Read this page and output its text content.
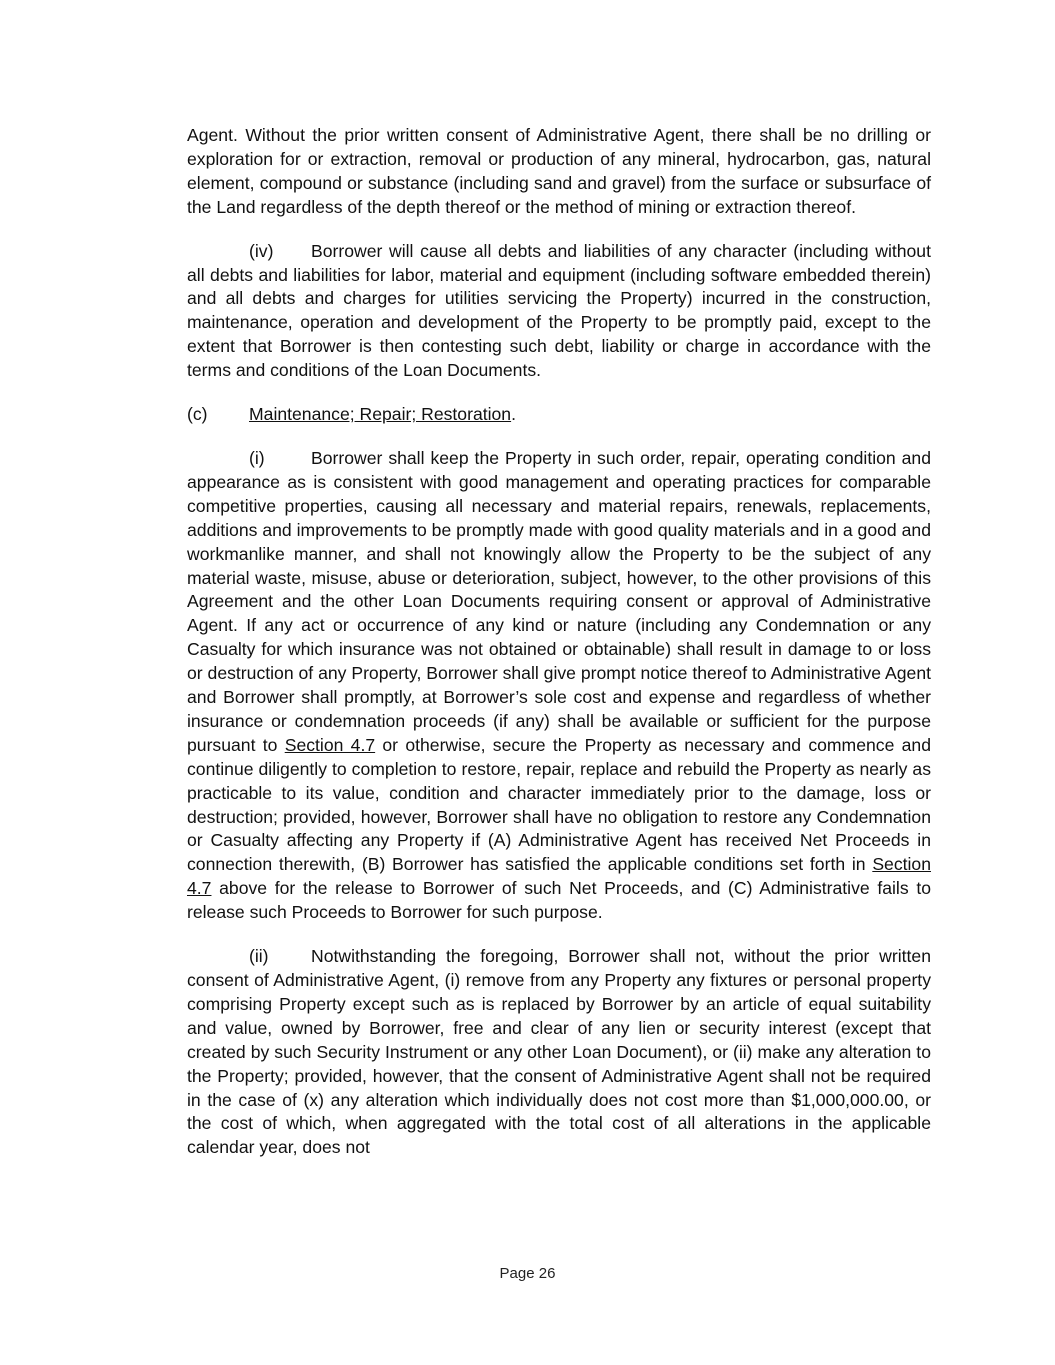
Agent. Without the prior written consent of Administrative Agent, there shall be no drilling or exploration for or extraction, removal or production of any mineral, hydrocarbon, gas, natural element, compound or substance (including sand and gravel) from the surface or subsurface of the Land regardless of the depth thereof or the method of mining or extraction thereof.

(iv) Borrower will cause all debts and liabilities of any character (including without all debts and liabilities for labor, material and equipment (including software embedded therein) and all debts and charges for utilities servicing the Property) incurred in the construction, maintenance, operation and development of the Property to be promptly paid, except to the extent that Borrower is then contesting such debt, liability or charge in accordance with the terms and conditions of the Loan Documents.

(c) Maintenance; Repair; Restoration.

(i)	Borrower shall keep the Property in such order, repair, operating condition and appearance as is consistent with good management and operating practices for comparable competitive properties, causing all necessary and material repairs, renewals, replacements, additions and improvements to be promptly made with good quality materials and in a good and workmanlike manner, and shall not knowingly allow the Property to be the subject of any material waste, misuse, abuse or deterioration, subject, however, to the other provisions of this Agreement and the other Loan Documents requiring consent or approval of Administrative Agent. If any act or occurrence of any kind or nature (including any Condemnation or any Casualty for which insurance was not obtained or obtainable) shall result in damage to or loss or destruction of any Property, Borrower shall give prompt notice thereof to Administrative Agent and Borrower shall promptly, at Borrower’s sole cost and expense and regardless of whether insurance or condemnation proceeds (if any) shall be available or sufficient for the purpose pursuant to Section 4.7 or otherwise, secure the Property as necessary and commence and continue diligently to completion to restore, repair, replace and rebuild the Property as nearly as practicable to its value, condition and character immediately prior to the damage, loss or destruction; provided, however, Borrower shall have no obligation to restore any Condemnation or Casualty affecting any Property if (A) Administrative Agent has received Net Proceeds in connection therewith, (B) Borrower has satisfied the applicable conditions set forth in Section 4.7 above for the release to Borrower of such Net Proceeds, and (C) Administrative fails to release such Proceeds to Borrower for such purpose.

(ii) Notwithstanding the foregoing, Borrower shall not, without the prior written consent of Administrative Agent, (i) remove from any Property any fixtures or personal property comprising Property except such as is replaced by Borrower by an article of equal suitability and value, owned by Borrower, free and clear of any lien or security interest (except that created by such Security Instrument or any other Loan Document), or (ii) make any alteration to the Property; provided, however, that the consent of Administrative Agent shall not be required in the case of (x) any alteration which individually does not cost more than $1,000,000.00, or the cost of which, when aggregated with the total cost of all alterations in the applicable calendar year, does not

Page 26
